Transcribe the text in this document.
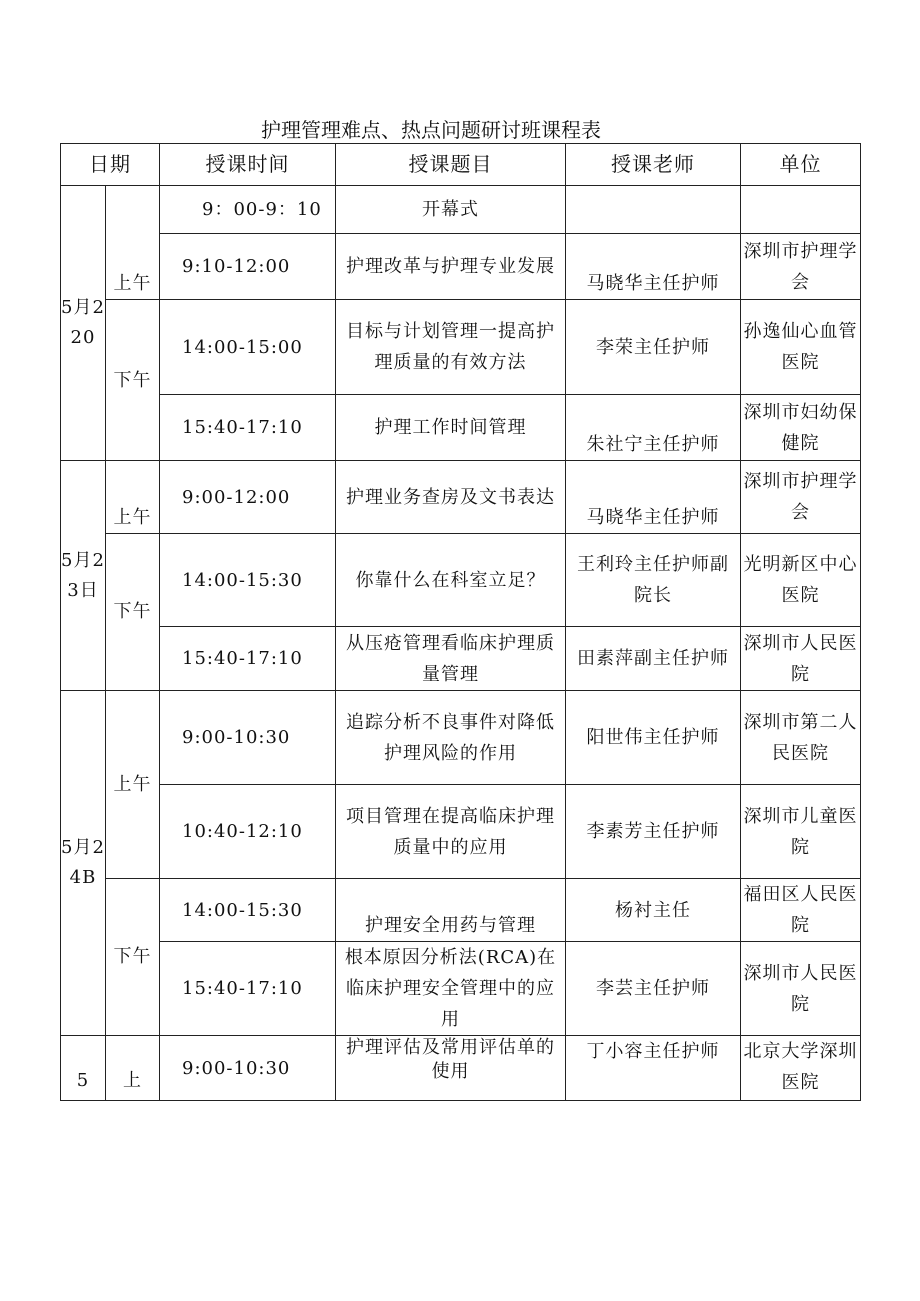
护理管理难点、热点问题研讨班课程表
日期		授课时间	授课题目	授课老师	单位

5月220	上午	9：00-9：10	开幕式		
		9:10-12:00	护理改革与护理专业发展	马晓华主任护师	深圳市护理学会
	下午	14:00-15:00	目标与计划管理一提高护理质量的有效方法	李荣主任护师	孙逸仙心血管医院
		15:40-17:10	护理工作时间管理	朱社宁主任护师	深圳市妇幼保健院

5月23日	上午	9:00-12:00	护理业务查房及文书表达	马晓华主任护师	深圳市护理学会
	下午	14:00-15:30	你靠什么在科室立足？	王利玲主任护师副院长	光明新区中心医院
		15:40-17:10	从压疮管理看临床护理质量管理	田素萍副主任护师	深圳市人民医院

5月24B	上午	9:00-10:30	追踪分析不良事件对降低护理风险的作用	阳世伟主任护师	深圳市第二人民医院
		10:40-12:10	项目管理在提高临床护理质量中的应用	李素芳主任护师	深圳市儿童医院
	下午	14:00-15:30	护理安全用药与管理	杨衬主任	福田区人民医院
		15:40-17:10	根本原因分析法(RCA)在临床护理安全管理中的应用	李芸主任护师	深圳市人民医院

5	上	9:00-10:30	护理评估及常用评估单的使用	丁小容主任护师	北京大学深圳医院
